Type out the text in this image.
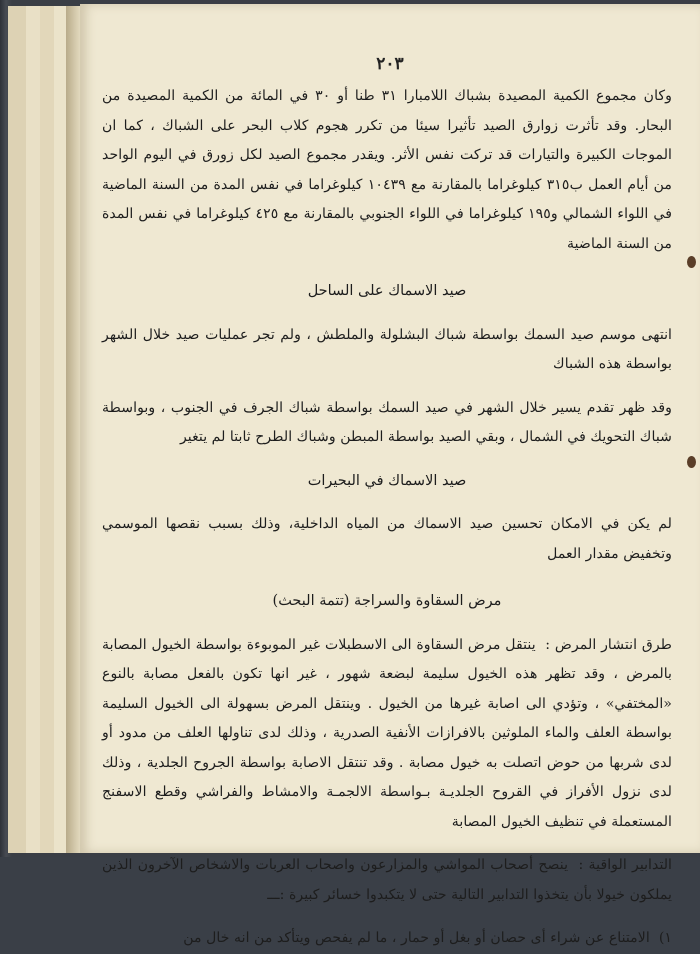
٢٠٣

وكان مجموع الكمية المصيدة بشباك اللامبارا ٣١ طنا أو ٣٠ في المائة من الكمية المصيدة من البحار. وقد تأثرت زوارق الصيد تأثيرا سيئا من تكرر هجوم كلاب البحر على الشباك ، كما ان الموجات الكبيرة والتيارات قد تركت نفس الأثر. ويقدر مجموع الصيد لكل زورق في اليوم الواحد من أيام العمل ب٣١٥ كيلوغراما بالمقارنة مع ١٠٤٣٩ كيلوغراما في نفس المدة من السنة الماضية في اللواء الشمالي و١٩٥ كيلوغراما في اللواء الجنوبي بالمقارنة مع ٤٢٥ كيلوغراما في نفس المدة من السنة الماضية

صيد الاسماك على الساحل

انتهى موسم صيد السمك بواسطة شباك البشلولة والملطش ، ولم تجر عمليات صيد خلال الشهر بواسطة هذه الشباك

وقد ظهر تقدم يسير خلال الشهر في صيد السمك بواسطة شباك الجرف في الجنوب ، وبواسطة شباك التحويك في الشمال ، وبقي الصيد بواسطة المبطن وشباك الطرح ثابتا لم يتغير

صيد الاسماك في البحيرات

لم يكن في الامكان تحسين صيد الاسماك من المياه الداخلية، وذلك بسبب نقصها الموسمي وتخفيض مقدار العمل

مرض السقاوة والسراجة (تتمة البحث)

طرق انتشار المرض :  ينتقل مرض السقاوة الى الاسطبلات غير الموبوءة بواسطة الخيول المصابة بالمرض ، وقد تظهر هذه الخيول سليمة لبضعة شهور ، غير انها تكون بالفعل مصابة بالنوع «المختفي» ، وتؤدي الى اصابة غيرها من الخيول . وينتقل المرض بسهولة الى الخيول السليمة بواسطة العلف والماء الملوثين بالافرازات الأنفية الصدرية ، وذلك لدى تناولها العلف من مدود أو لدى شربها من حوض اتصلت به خيول مصابة . وقد تنتقل الاصابة بواسطة الجروح الجلدية ، وذلك لدى نزول الأفراز في القروح الجلديـة بـواسطة الالجمـة والامشاط والفراشي وقطع الاسفنج المستعملة في تنظيف الخيول المصابة

التدابير الواقية :  ينصح أصحاب المواشي والمزارعون واصحاب العربات والاشخاص الآخرون الذين يملكون خيولا بأن يتخذوا التدابير التالية حتى لا يتكبدوا خسائر كبيرة :ـــ

١)  الامتناع عن شراء أى حصان أو بغل أو حمار ، ما لم يفحص ويتأكد من انه خال من
